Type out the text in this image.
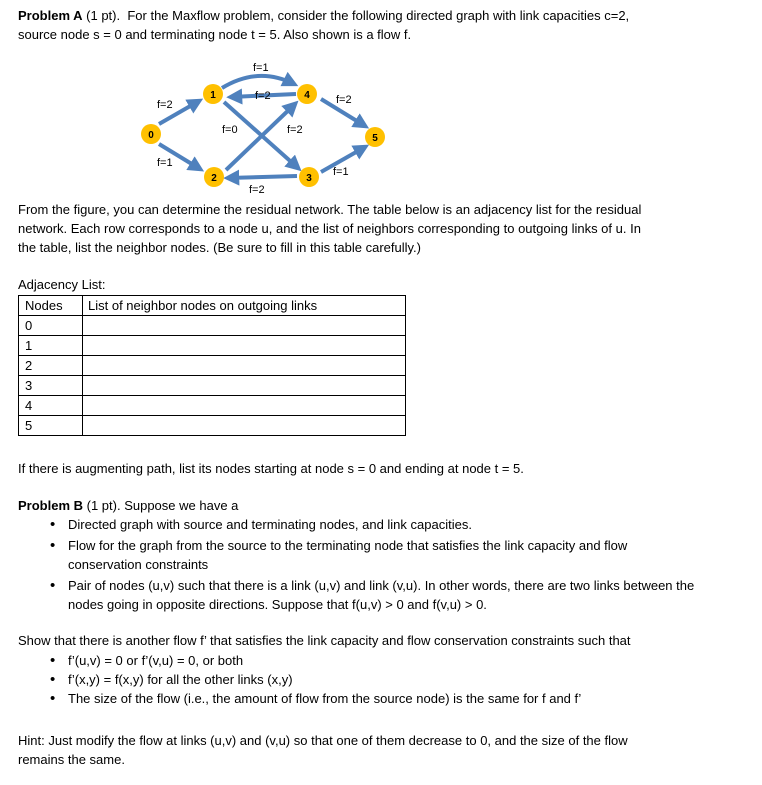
Problem A (1 pt). For the Maxflow problem, consider the following directed graph with link capacities c=2,
source node s = 0 and terminating node t = 5. Also shown is a flow f.
0
1
2	3
4
5
f=2
f=1
f=1
f=2
f=0	f=2
f=2
f=2
f=1
From the figure, you can determine the residual network. The table below is an adjacency list for the residual
network. Each row corresponds to a node u, and the list of neighbors corresponding to outgoing links of u. In
the table, list the neighbor nodes. (Be sure to fill in this table carefully.)
Adjacency List:
Nodes	List of neighbor nodes on outgoing links
0	
1	
2	
3	
4	
5	
If there is augmenting path, list its nodes starting at node s = 0 and ending at node t = 5.
Problem B (1 pt). Suppose we have a
• Directed graph with source and terminating nodes, and link capacities.
• Flow for the graph from the source to the terminating node that satisfies the link capacity and flow
conservation constraints
• Pair of nodes (u,v) such that there is a link (u,v) and link (v,u). In other words, there are two links between the
nodes going in opposite directions. Suppose that f(u,v) > 0 and f(v,u) > 0.
Show that there is another flow f’ that satisfies the link capacity and flow conservation constraints such that
• f’(u,v) = 0 or f’(v,u) = 0, or both
• f’(x,y) = f(x,y) for all the other links (x,y)
• The size of the flow (i.e., the amount of flow from the source node) is the same for f and f’
Hint: Just modify the flow at links (u,v) and (v,u) so that one of them decrease to 0, and the size of the flow
remains the same.
